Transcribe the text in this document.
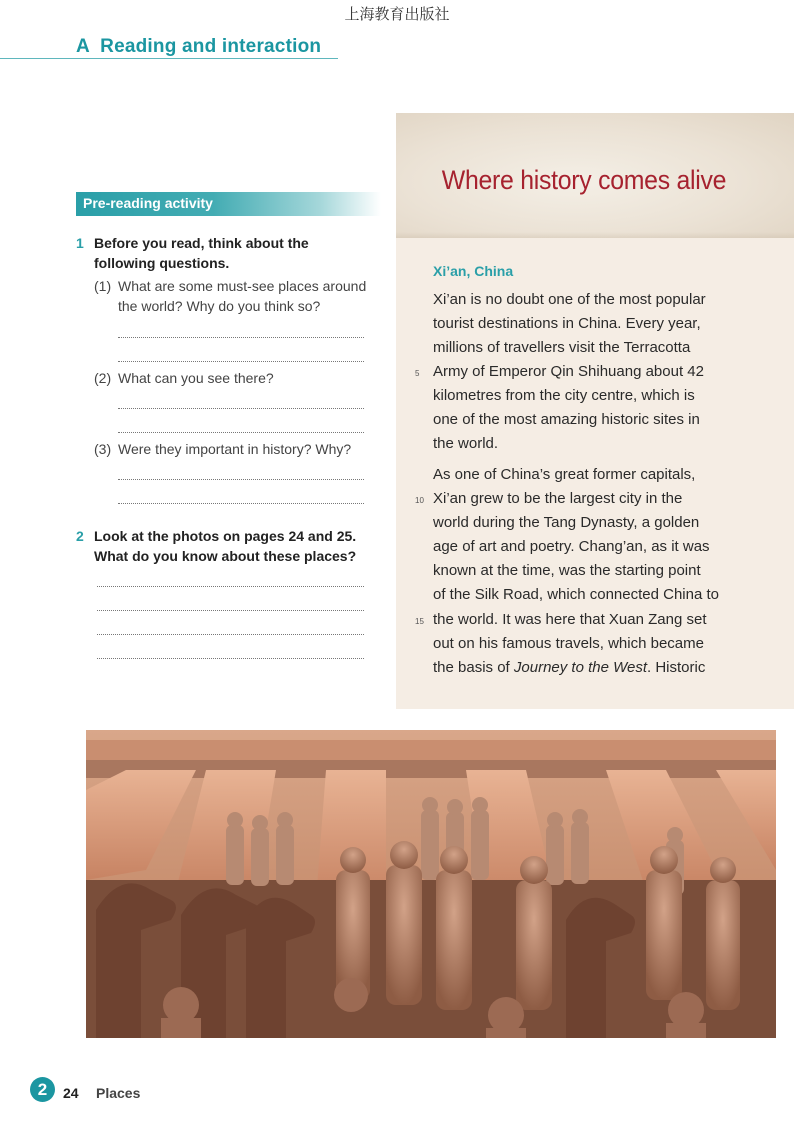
上海教育出版社
A  Reading and interaction
Pre-reading activity
1 Before you read, think about the
following questions.
(1) What are some must-see places around
the world? Why do you think so?
(2) What can you see there?
(3) Were they important in history? Why?
2 Look at the photos on pages 24 and 25.
What do you know about these places?
Where history comes alive
Xi’an, China
Xi’an is no doubt one of the most popular
tourist destinations in China. Every year,
millions of travellers visit the Terracotta
Army of Emperor Qin Shihuang about 42
kilometres from the city centre, which is
one of the most amazing historic sites in
the world.
As one of China’s great former capitals,
Xi’an grew to be the largest city in the
world during the Tang Dynasty, a golden
age of art and poetry. Chang’an, as it was
known at the time, was the starting point
of the Silk Road, which connected China to
the world. It was here that Xuan Zang set
out on his famous travels, which became
the basis of Journey to the West. Historic
5
10
15
2	24 Places
